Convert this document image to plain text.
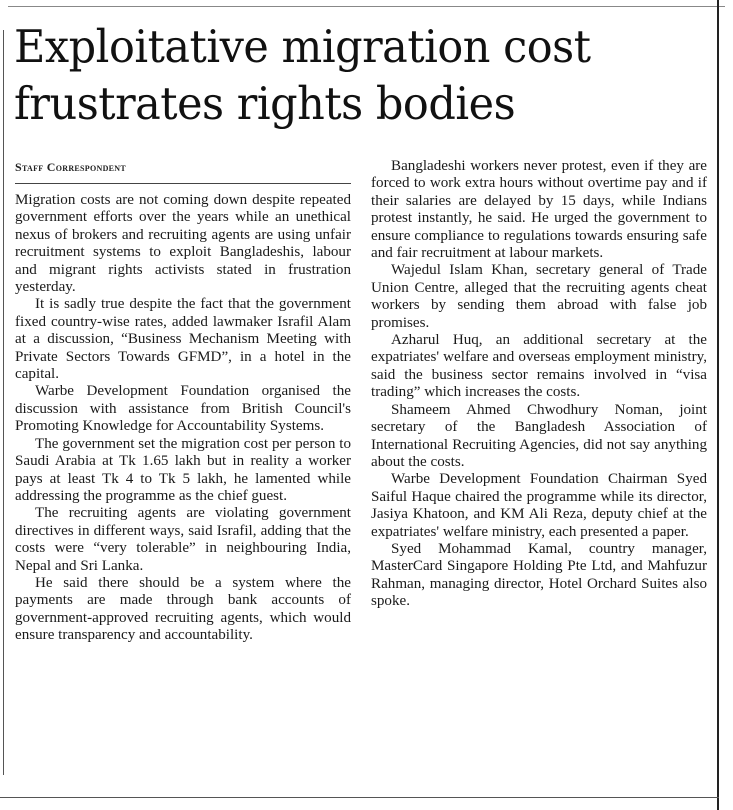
Exploitative migration cost frustrates rights bodies
Staff Correspondent

Migration costs are not coming down despite repeated government efforts over the years while an unethical nexus of brokers and recruiting agents are using unfair recruitment systems to exploit Bangladeshis, labour and migrant rights activists stated in frustration yesterday.

It is sadly true despite the fact that the government fixed country-wise rates, added lawmaker Israfil Alam at a discussion, “Business Mechanism Meeting with Private Sectors Towards GFMD”, in a hotel in the capital.

Warbe Development Foundation organised the discussion with assistance from British Council's Promoting Knowledge for Accountability Systems.

The government set the migration cost per person to Saudi Arabia at Tk 1.65 lakh but in reality a worker pays at least Tk 4 to Tk 5 lakh, he lamented while addressing the programme as the chief guest.

The recruiting agents are violating government directives in different ways, said Israfil, adding that the costs were “very tolerable” in neighbouring India, Nepal and Sri Lanka.

He said there should be a system where the payments are made through bank accounts of government-approved recruiting agents, which would ensure transparency and accountability.

Bangladeshi workers never protest, even if they are forced to work extra hours without overtime pay and if their salaries are delayed by 15 days, while Indians protest instantly, he said. He urged the government to ensure compliance to regulations towards ensuring safe and fair recruitment at labour markets.

Wajedul Islam Khan, secretary general of Trade Union Centre, alleged that the recruiting agents cheat workers by sending them abroad with false job promises.

Azharul Huq, an additional secretary at the expatriates' welfare and overseas employment ministry, said the business sector remains involved in “visa trading” which increases the costs.

Shameem Ahmed Chwodhury Noman, joint secretary of the Bangladesh Association of International Recruiting Agencies, did not say anything about the costs.

Warbe Development Foundation Chairman Syed Saiful Haque chaired the programme while its director, Jasiya Khatoon, and KM Ali Reza, deputy chief at the expatriates' welfare ministry, each presented a paper.

Syed Mohammad Kamal, country manager, MasterCard Singapore Holding Pte Ltd, and Mahfuzur Rahman, managing director, Hotel Orchard Suites also spoke.
